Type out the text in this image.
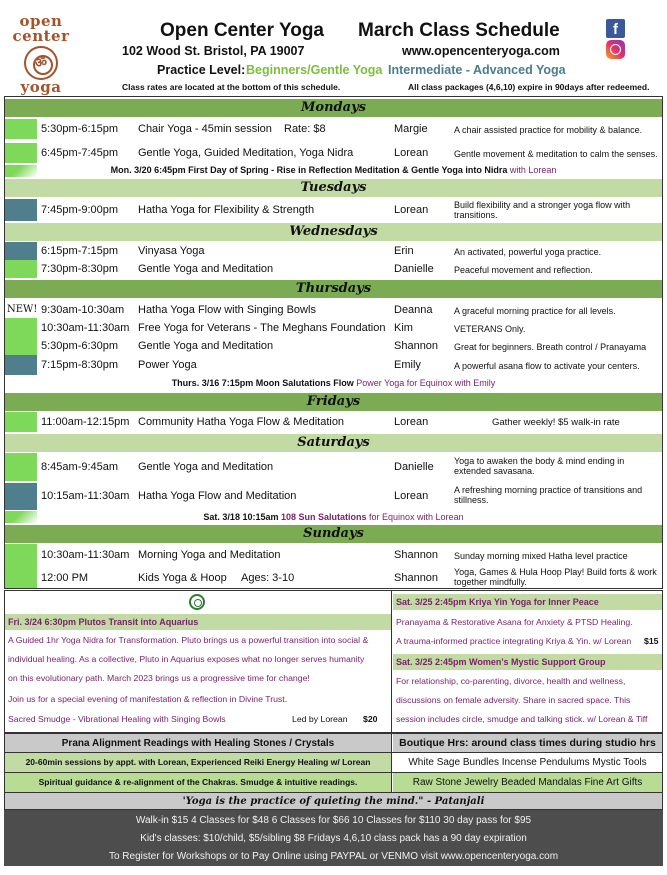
open
center
ॐ
yoga
Open Center Yoga March Class Schedule
102 Wood St. Bristol, PA 19007	www.opencenteryoga.com
Practice Level: Beginners/Gentle Yoga Intermediate - Advanced Yoga
Class rates are located at the bottom of this schedule.	All class packages (4,6,10) expire in 90days after redeemed.
f
Mondays
5:30pm-6:15pm Chair Yoga - 45min session Rate: $8	Margie	A chair assisted practice for mobility & balance.
6:45pm-7:45pm Gentle Yoga, Guided Meditation, Yoga Nidra	Lorean	Gentle movement & meditation to calm the senses.
Mon. 3/20 6:45pm First Day of Spring - Rise in Reflection Meditation & Gentle Yoga into Nidra with Lorean
Tuesdays
7:45pm-9:00pm Hatha Yoga for Flexibility & Strength	Lorean	Build flexibility and a stronger yoga flow with transitions.
Wednesdays
6:15pm-7:15pm Vinyasa Yoga	Erin	An activated, powerful yoga practice.
7:30pm-8:30pm Gentle Yoga and Meditation	Danielle Peaceful movement and reflection.
Thursdays
NEW! 9:30am-10:30am Hatha Yoga Flow with Singing Bowls	Deanna A graceful morning practice for all levels.
10:30am-11:30am Free Yoga for Veterans - The Meghans Foundation Kim	VETERANS Only.
5:30pm-6:30pm Gentle Yoga and Meditation	Shannon Great for beginners. Breath control / Pranayama
7:15pm-8:30pm Power Yoga	Emily	A powerful asana flow to activate your centers.
Thurs. 3/16 7:15pm Moon Salutations Flow Power Yoga for Equinox with Emily
Fridays
11:00am-12:15pm Community Hatha Yoga Flow & Meditation	Lorean	Gather weekly! $5 walk-in rate
Saturdays
8:45am-9:45am Gentle Yoga and Meditation	Danielle Yoga to awaken the body & mind ending in extended savasana.
10:15am-11:30am Hatha Yoga Flow and Meditation	Lorean	A refreshing morning practice of transitions and stillness.
Sat. 3/18 10:15am 108 Sun Salutations for Equinox with Lorean
Sundays
10:30am-11:30am Morning Yoga and Meditation	Shannon Sunday morning mixed Hatha level practice
12:00 PM	Kids Yoga & Hoop Ages: 3-10	Shannon Yoga, Games & Hula Hoop Play! Build forts & work together mindfully.
Fri. 3/24 6:30pm Plutos Transit into Aquarius
A Guided 1hr Yoga Nidra for Transformation. Pluto brings us a powerful transition into social &
individual healing. As a collective, Pluto in Aquarius exposes what no longer serves humanity
on this evolutionary path. March 2023 brings us a progressive time for change!
Join us for a special evening of manifestation & reflection in Divine Trust.
Sacred Smudge - Vibrational Healing with Singing Bowls	Led by Lorean $20
Sat. 3/25 2:45pm Kriya Yin Yoga for Inner Peace
Pranayama & Restorative Asana for Anxiety & PTSD Healing.
A trauma-informed practice integrating Kriya & Yin. w/ Lorean $15
Sat. 3/25 2:45pm Women's Mystic Support Group
For relationship, co-parenting, divorce, health and wellness,
discussions on female adversity. Share in sacred space. This
session includes circle, smudge and talking stick. w/ Lorean & Tiff
Prana Alignment Readings with Healing Stones / Crystals	Boutique Hrs: around class times during studio hrs
20-60min sessions by appt. with Lorean, Experienced Reiki Energy Healing w/ Lorean	White Sage Bundles Incense Pendulums Mystic Tools
Spiritual guidance & re-alignment of the Chakras. Smudge & intuitive readings.	Raw Stone Jewelry Beaded Mandalas Fine Art Gifts
'Yoga is the practice of quieting the mind." - Patanjali
Walk-in $15 4 Classes for $48 6 Classes for $66 10 Classes for $110 30 day pass for $95
Kid's classes: $10/child, $5/sibling $8 Fridays 4,6,10 class pack has a 90 day expiration
To Register for Workshops or to Pay Online using PAYPAL or VENMO visit www.opencenteryoga.com
